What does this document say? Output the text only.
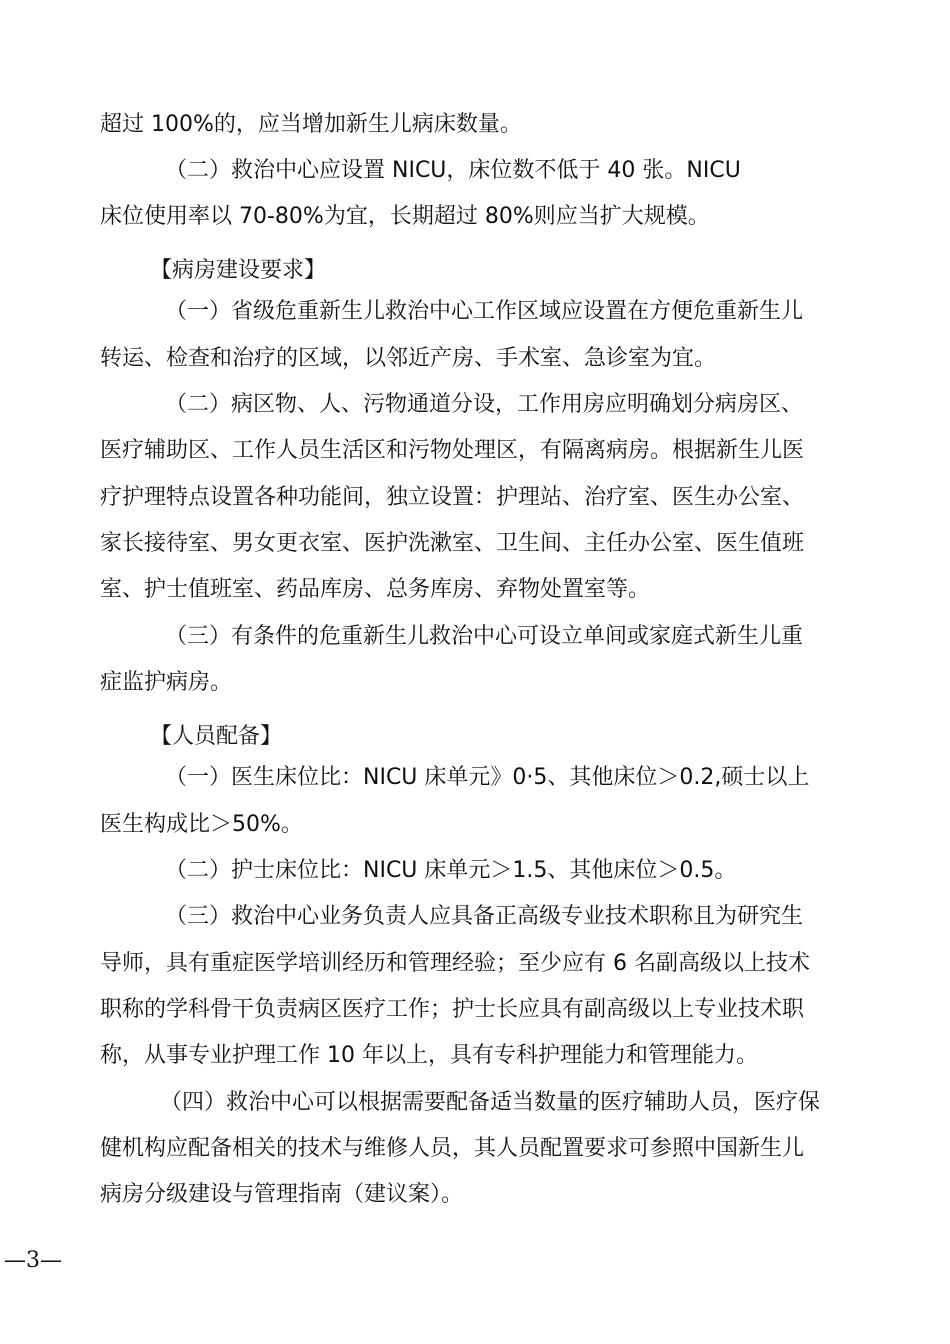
超过 100%的，应当增加新生儿病床数量。
（二）救治中心应设置 NICU，床位数不低于 40 张。NICU
床位使用率以 70-80%为宜，长期超过 80%则应当扩大规模。
【病房建设要求】
（一）省级危重新生儿救治中心工作区域应设置在方便危重新生儿
转运、检查和治疗的区域，以邻近产房、手术室、急诊室为宜。
（二）病区物、人、污物通道分设，工作用房应明确划分病房区、
医疗辅助区、工作人员生活区和污物处理区，有隔离病房。根据新生儿医
疗护理特点设置各种功能间，独立设置：护理站、治疗室、医生办公室、
家长接待室、男女更衣室、医护洗漱室、卫生间、主任办公室、医生值班
室、护士值班室、药品库房、总务库房、弃物处置室等。
（三）有条件的危重新生儿救治中心可设立单间或家庭式新生儿重
症监护病房。
【人员配备】
（一）医生床位比：NICU 床单元》0·5、其他床位＞0.2,硕士以上
医生构成比＞50%。
（二）护士床位比：NICU 床单元＞1.5、其他床位＞0.5。
（三）救治中心业务负责人应具备正高级专业技术职称且为研究生
导师，具有重症医学培训经历和管理经验；至少应有 6 名副高级以上技术
职称的学科骨干负责病区医疗工作；护士长应具有副高级以上专业技术职
称，从事专业护理工作 10 年以上，具有专科护理能力和管理能力。
（四）救治中心可以根据需要配备适当数量的医疗辅助人员，医疗保
健机构应配备相关的技术与维修人员，其人员配置要求可参照中国新生儿
病房分级建设与管理指南（建议案）。
—3—
